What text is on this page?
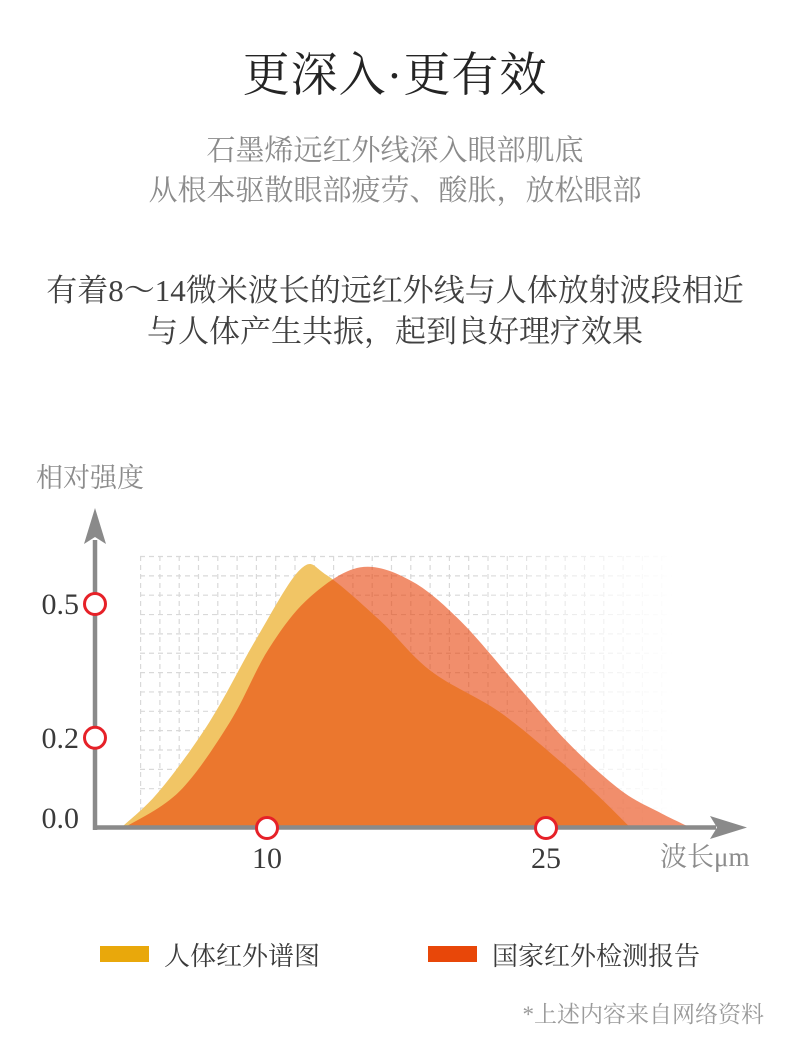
更深入·更有效
石墨烯远红外线深入眼部肌底
从根本驱散眼部疲劳、酸胀，放松眼部
有着8～14微米波长的远红外线与人体放射波段相近
与人体产生共振，起到良好理疗效果
0.5
0.2
0.0
10	25
相对强度
波长μm
人体红外谱图	国家红外检测报告
*上述内容来自网络资料
